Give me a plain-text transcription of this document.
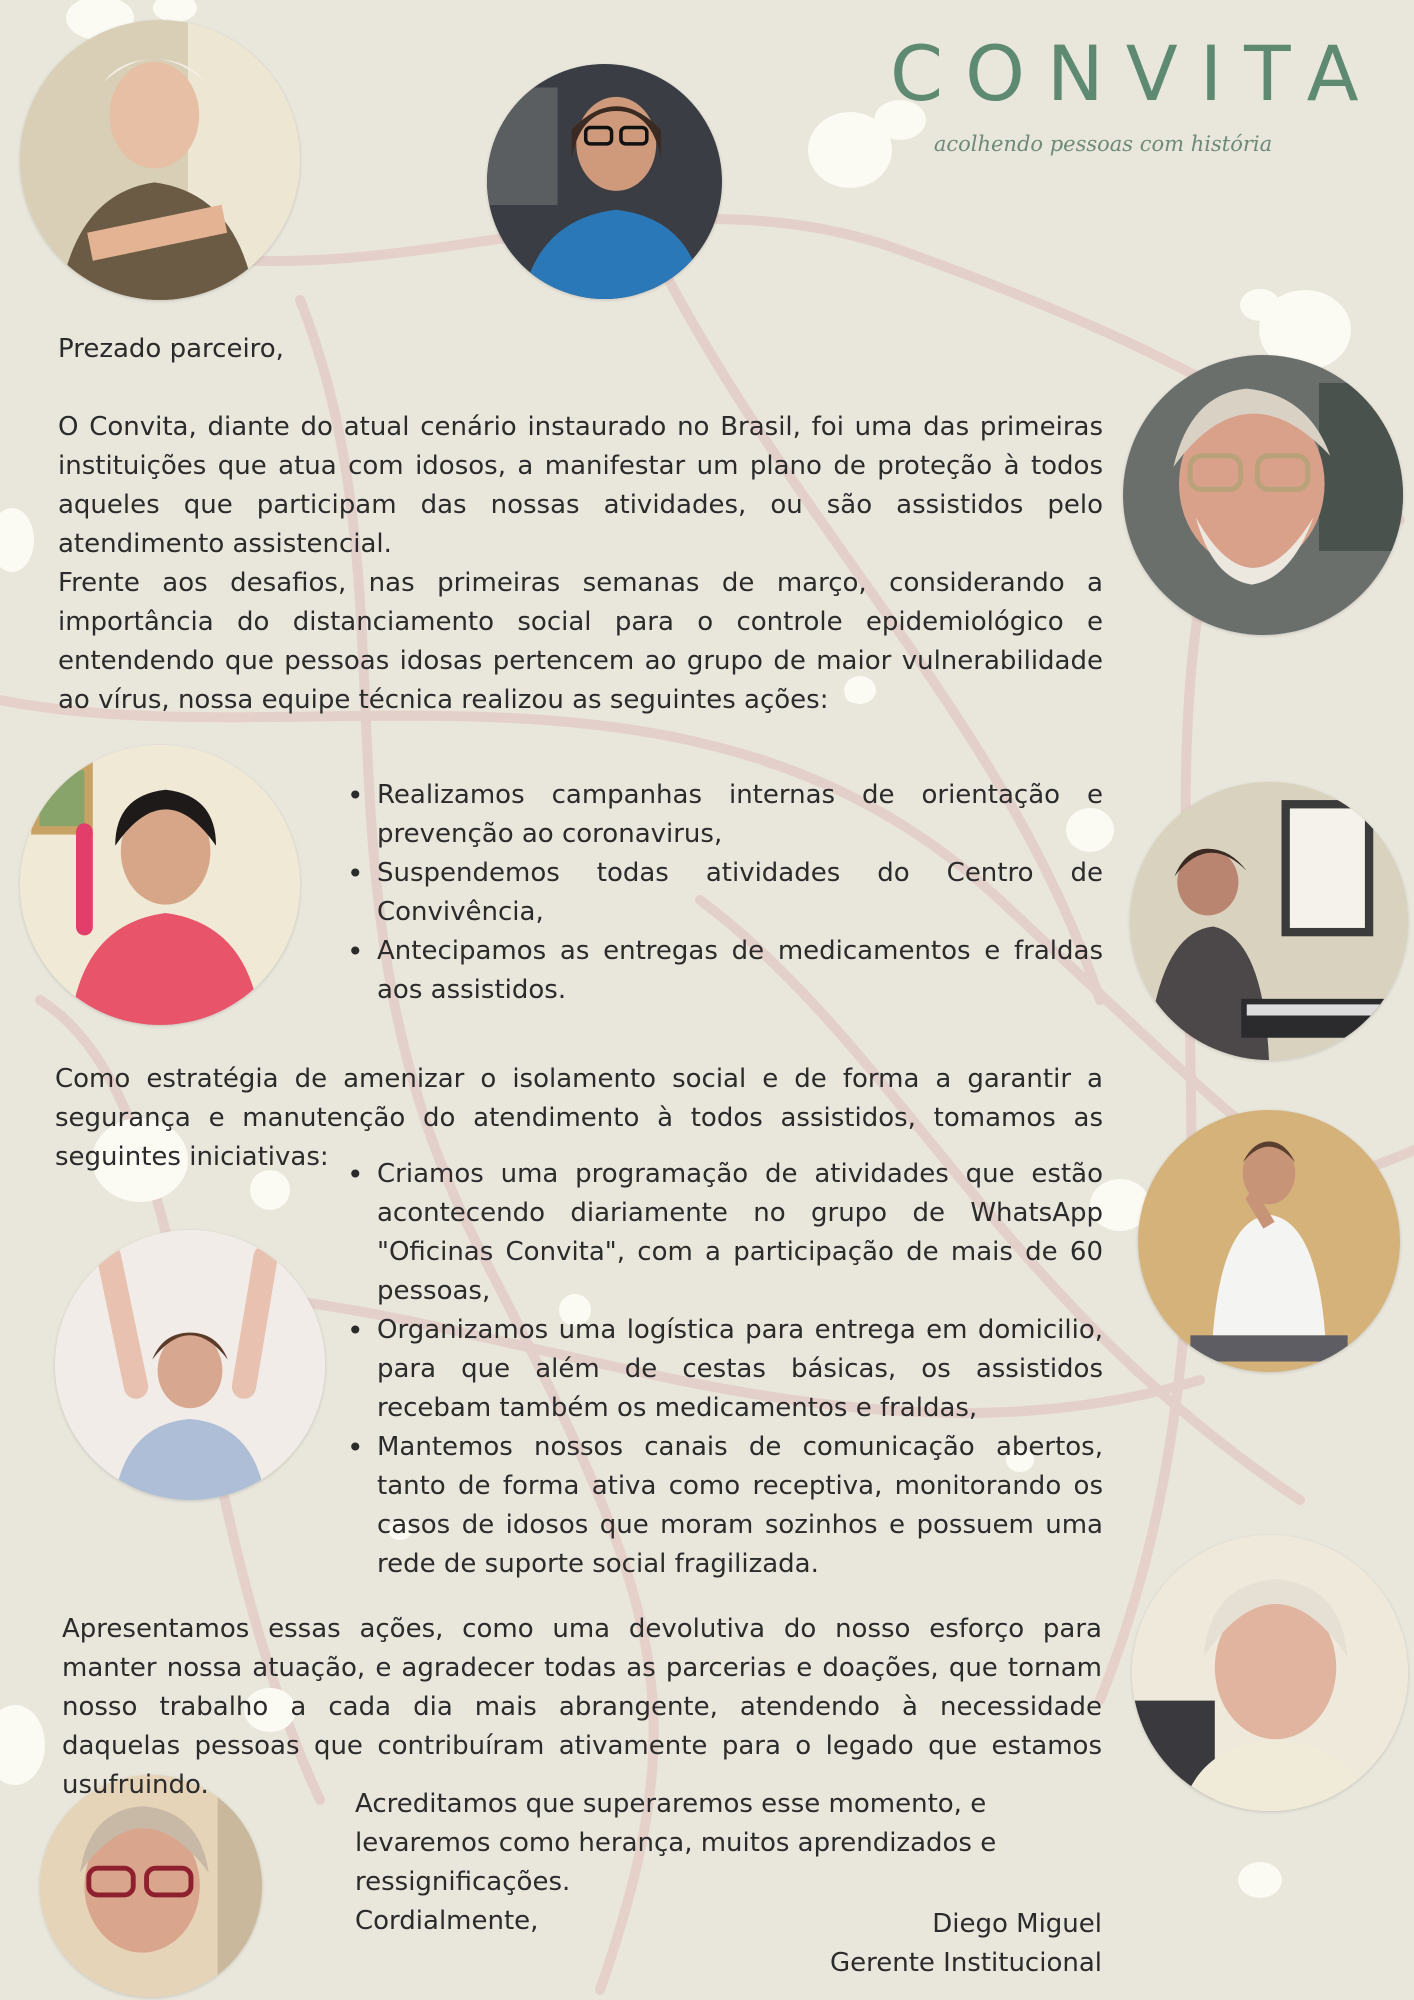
CONVITA
acolhendo pessoas com história

Prezado parceiro,

O Convita, diante do atual cenário instaurado no Brasil, foi uma das primeiras instituições que atua com idosos, a manifestar um plano de proteção à todos aqueles que participam das nossas atividades, ou são assistidos pelo atendimento assistencial.

Frente aos desafios, nas primeiras semanas de março, considerando a importância do distanciamento social para o controle epidemiológico e entendendo que pessoas idosas pertencem ao grupo de maior vulnerabilidade ao vírus, nossa equipe técnica realizou as seguintes ações:

• Realizamos campanhas internas de orientação e prevenção ao coronavirus,
• Suspendemos todas atividades do Centro de Convivência,
• Antecipamos as entregas de medicamentos e fraldas aos assistidos.

Como estratégia de amenizar o isolamento social e de forma a garantir a segurança e manutenção do atendimento à todos assistidos, tomamos as seguintes iniciativas:

• Criamos uma programação de atividades que estão acontecendo diariamente no grupo de WhatsApp "Oficinas Convita", com a participação de mais de 60 pessoas,
• Organizamos uma logística para entrega em domicilio, para que além de cestas básicas, os assistidos recebam também os medicamentos e fraldas,
• Mantemos nossos canais de comunicação abertos, tanto de forma ativa como receptiva, monitorando os casos de idosos que moram sozinhos e possuem uma rede de suporte social fragilizada.

Apresentamos essas ações, como uma devolutiva do nosso esforço para manter nossa atuação, e agradecer todas as parcerias e doações, que tornam nosso trabalho a cada dia mais abrangente, atendendo à necessidade daquelas pessoas que contribuíram ativamente para o legado que estamos usufruindo.

Acreditamos que superaremos esse momento, e levaremos como herança, muitos aprendizados e ressignificações.

Cordialmente,	Diego Miguel
Gerente Institucional
